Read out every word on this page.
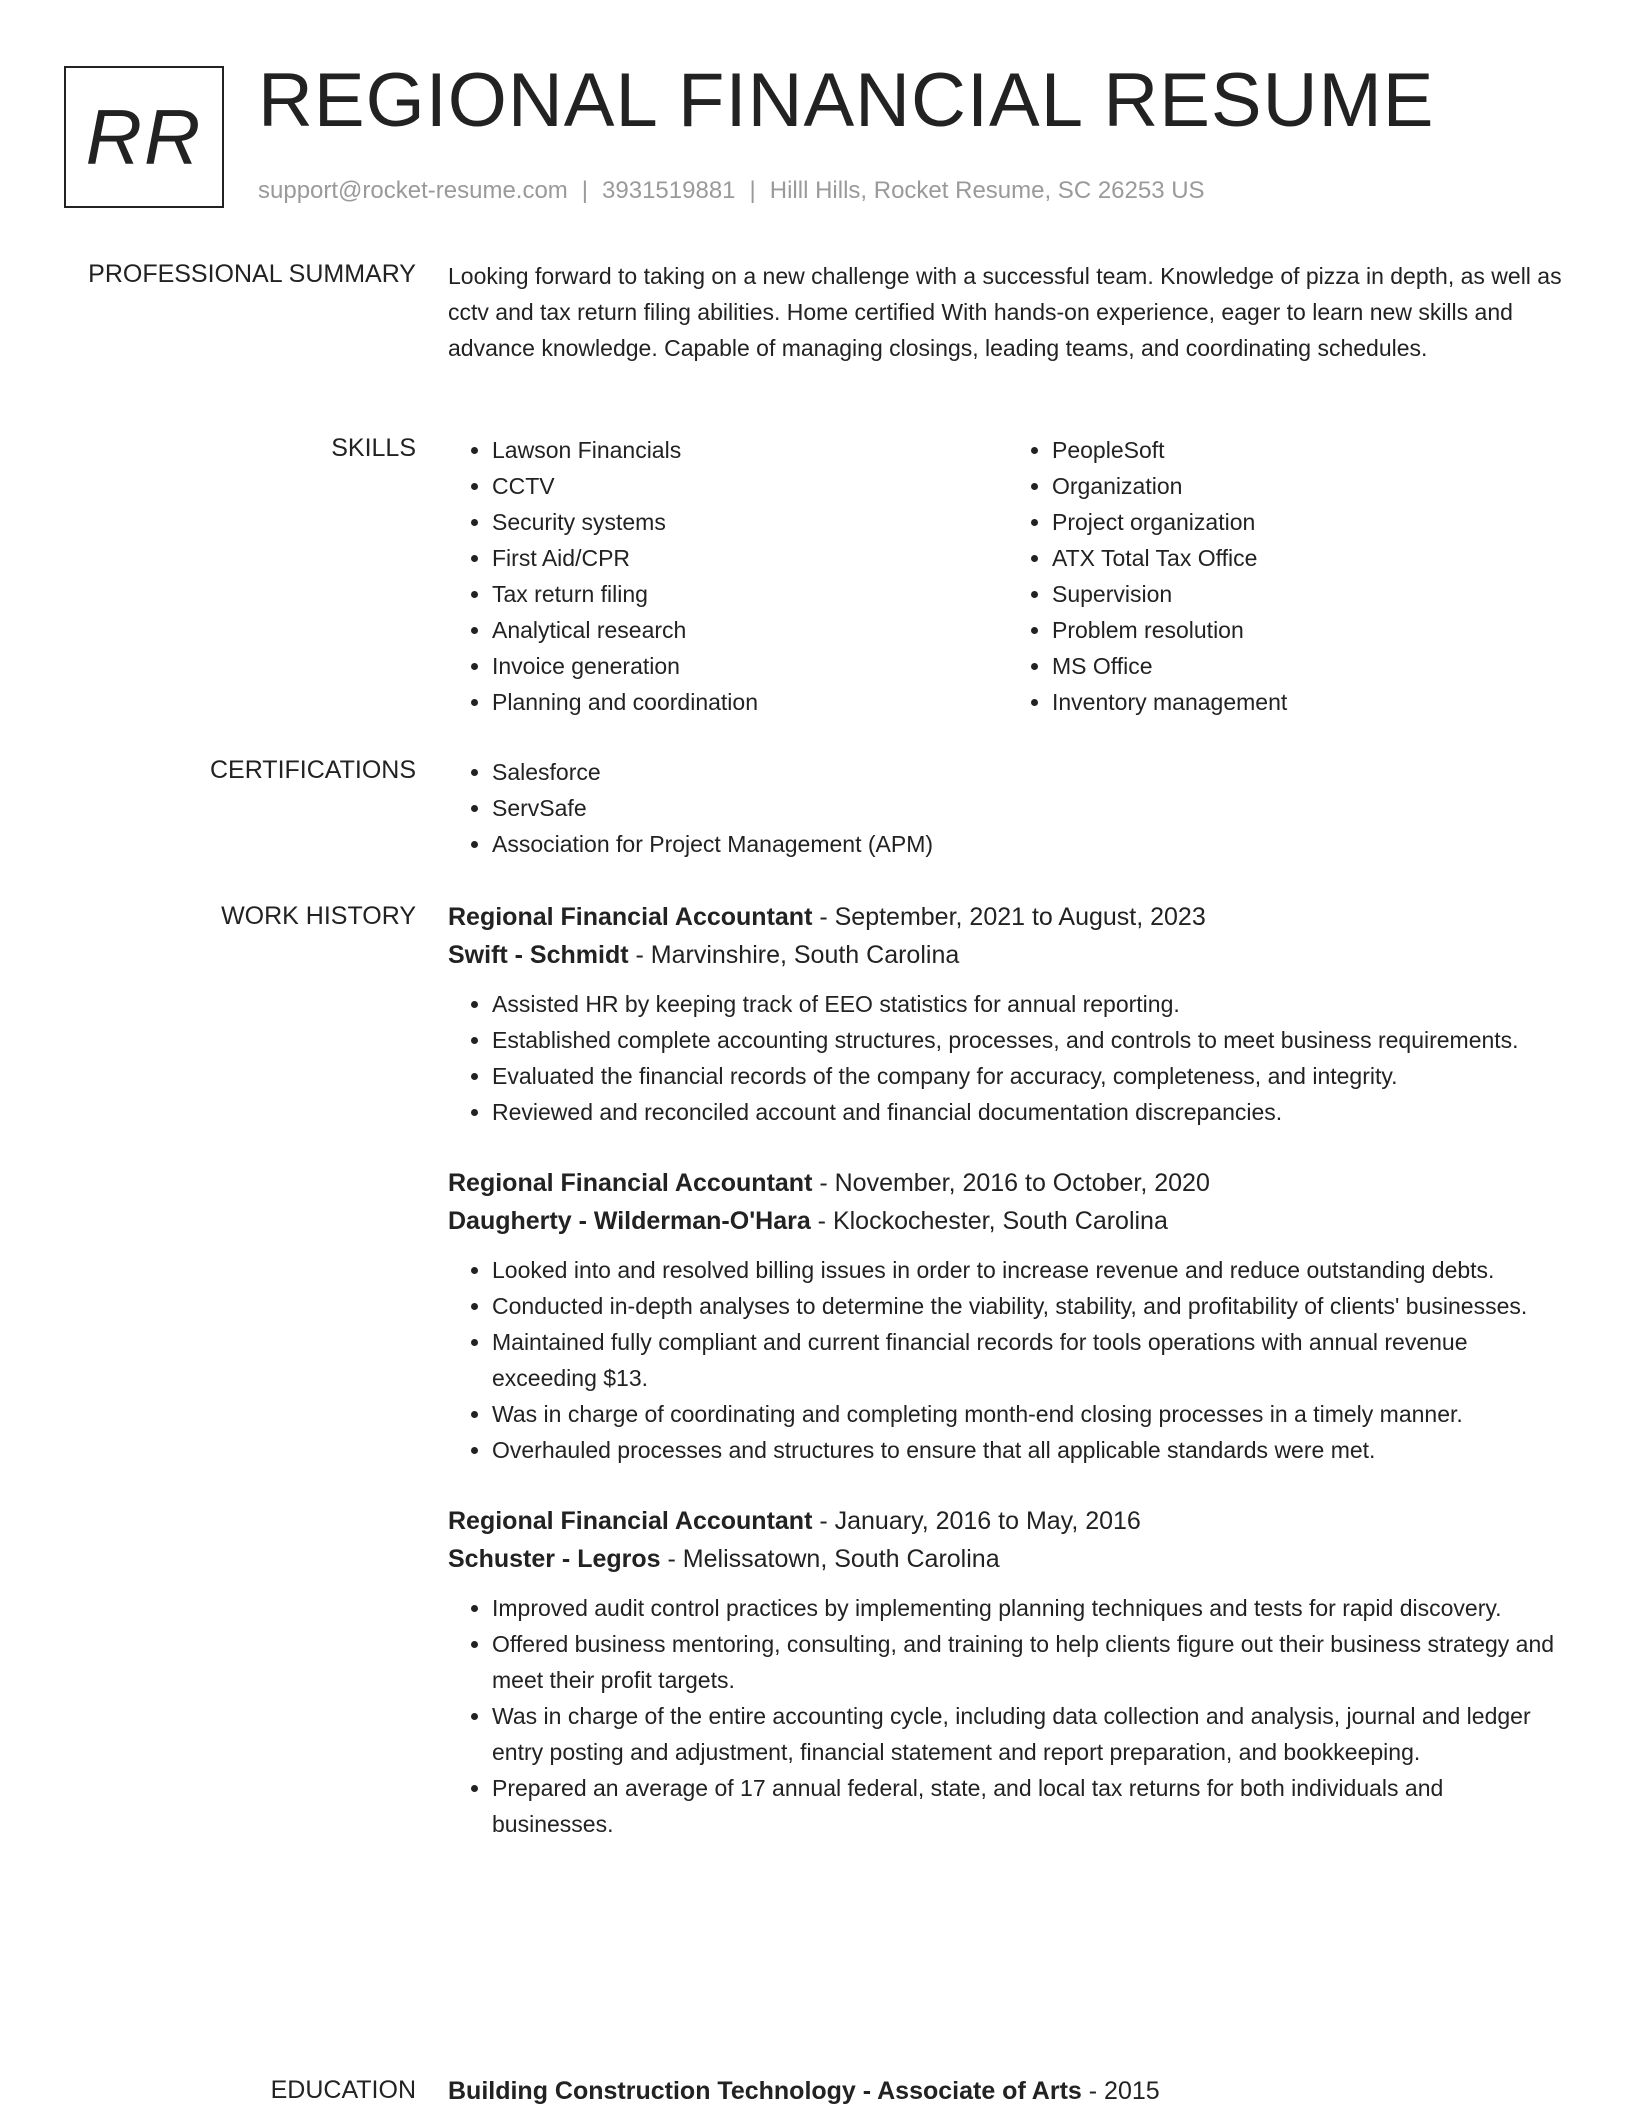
RR REGIONAL FINANCIAL RESUME
support@rocket-resume.com | 3931519881 | Hilll Hills, Rocket Resume, SC 26253 US
PROFESSIONAL SUMMARY Looking forward to taking on a new challenge with a successful team. Knowledge of pizza in depth, as well as cctv and tax return filing abilities. Home certified With hands-on experience, eager to learn new skills and advance knowledge. Capable of managing closings, leading teams, and coordinating schedules.

SKILLS	• Lawson Financials
• CCTV
• Security systems
• First Aid/CPR
• Tax return filing
• Analytical research
• Invoice generation
• Planning and coordination
• PeopleSoft
• Organization
• Project organization
• ATX Total Tax Office
• Supervision
• Problem resolution
• MS Office
• Inventory management
CERTIFICATIONS	• Salesforce
• ServSafe
• Association for Project Management (APM)
WORK HISTORY Regional Financial Accountant - September, 2021 to August, 2023
Swift - Schmidt - Marvinshire, South Carolina
• Assisted HR by keeping track of EEO statistics for annual reporting.
• Established complete accounting structures, processes, and controls to meet business requirements.
• Evaluated the financial records of the company for accuracy, completeness, and integrity.
• Reviewed and reconciled account and financial documentation discrepancies.
Regional Financial Accountant - November, 2016 to October, 2020
Daugherty - Wilderman-O'Hara - Klockochester, South Carolina
• Looked into and resolved billing issues in order to increase revenue and reduce outstanding debts.
• Conducted in-depth analyses to determine the viability, stability, and profitability of clients' businesses.
• Maintained fully compliant and current financial records for tools operations with annual revenue exceeding $13.
• Was in charge of coordinating and completing month-end closing processes in a timely manner.
• Overhauled processes and structures to ensure that all applicable standards were met.
Regional Financial Accountant - January, 2016 to May, 2016
Schuster - Legros - Melissatown, South Carolina
• Improved audit control practices by implementing planning techniques and tests for rapid discovery.
• Offered business mentoring, consulting, and training to help clients figure out their business strategy and meet their profit targets.
• Was in charge of the entire accounting cycle, including data collection and analysis, journal and ledger entry posting and adjustment, financial statement and report preparation, and bookkeeping.
• Prepared an average of 17 annual federal, state, and local tax returns for both individuals and businesses.
EDUCATION Building Construction Technology - Associate of Arts - 2015
